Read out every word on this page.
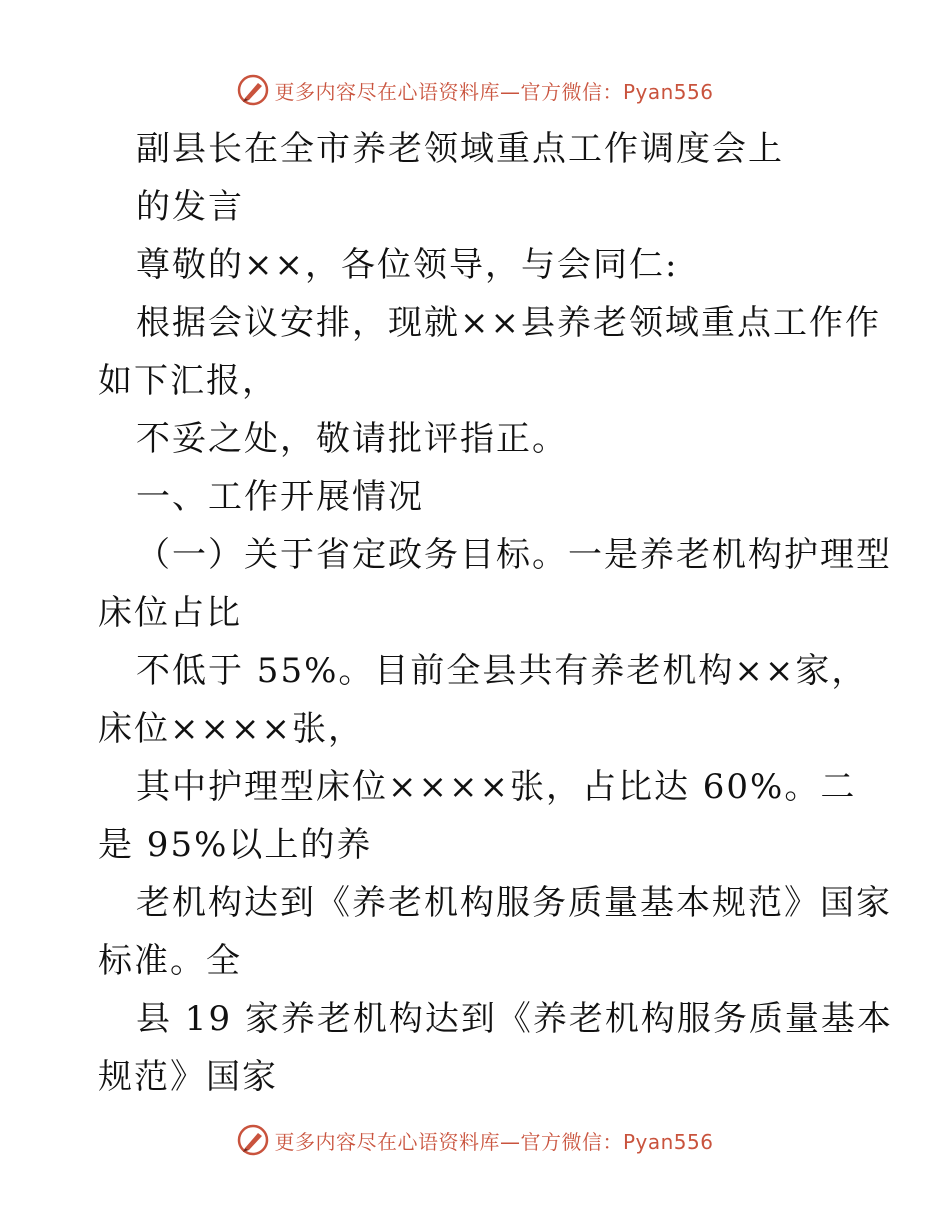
更多内容尽在心语资料库—官方微信：Pyan556
副县长在全市养老领域重点工作调度会上
的发言
尊敬的××，各位领导，与会同仁:
根据会议安排，现就××县养老领域重点工作作
如下汇报，
不妥之处，敬请批评指正。
一、工作开展情况
（一）关于省定政务目标。一是养老机构护理型
床位占比
不低于 55%。目前全县共有养老机构××家，
床位××××张，
其中护理型床位××××张，占比达 60%。二
是 95%以上的养
老机构达到《养老机构服务质量基本规范》国家
标准。全
县 19 家养老机构达到《养老机构服务质量基本
规范》国家
更多内容尽在心语资料库—官方微信：Pyan556
